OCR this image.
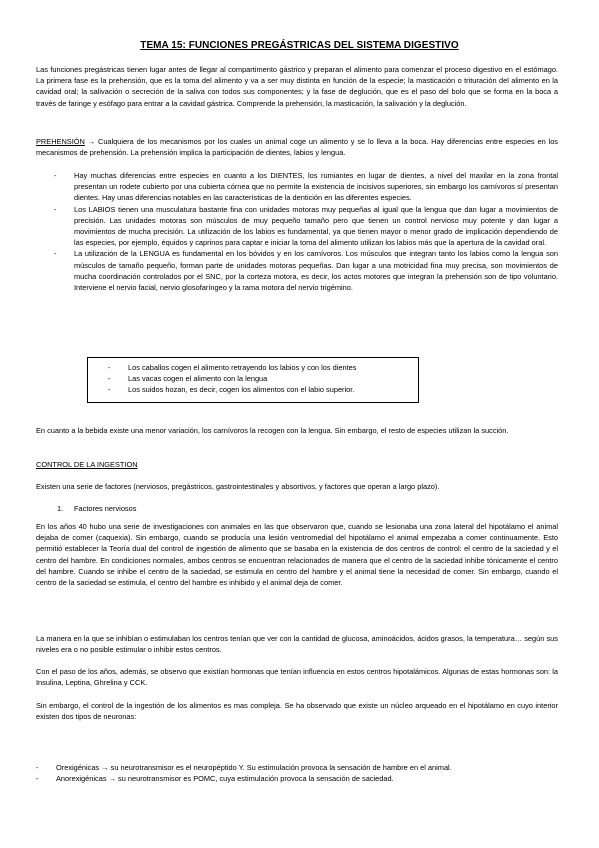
TEMA 15: FUNCIONES PREGÁSTRICAS DEL SISTEMA DIGESTIVO
Las funciones pregástricas tienen lugar antes de llegar al compartimento gástrico y preparan el alimento para comenzar el proceso digestivo en el estómago. La primera fase es la prehensión, que es la toma del alimento y va a ser muy distinta en función de la especie; la masticación o trituración del alimento en la cavidad oral; la salivación o secreción de la saliva con todos sus componentes; y la fase de deglución, que es el paso del bolo que se forma en la boca a través de faringe y esófago para entrar a la cavidad gástrica. Comprende la prehensión, la masticación, la salivación y la deglución.
PREHENSIÓN → Cualquiera de los mecanismos por los cuales un animal coge un alimento y se lo lleva a la boca. Hay diferencias entre especies en los mecanismos de prehensión. La prehensión implica la participación de dientes, labios y lengua.
- Hay muchas diferencias entre especies en cuanto a los DIENTES, los rumiantes en lugar de dientes, a nivel del maxilar en la zona frontal presentan un rodete cubierto por una cubierta córnea que no permite la existencia de incisivos superiores, sin embargo los carnívoros sí presentan dientes. Hay unas diferencias notables en las características de la dentición en las diferentes especies.
- Los LABIOS tienen una musculatura bastante fina con unidades motoras muy pequeñas al igual que la lengua que dan lugar a movimientos de precisión. Las unidades motoras son músculos de muy pequeño tamaño pero que tienen un control nervioso muy potente y dan lugar a movimientos de mucha precisión. La utilización de los labios es fundamental, ya que tienen mayor o menor grado de implicación dependiendo de las especies, por ejemplo, équidos y caprinos para captar e iniciar la toma del alimento utilizan los labios más que la apertura de la cavidad oral.
- La utilización de la LENGUA es fundamental en los bóvidos y en los carnívoros. Los músculos que integran tanto los labios como la lengua son músculos de tamaño pequeño, forman parte de unidades motoras pequeñas. Dan lugar a una motricidad fina muy precisa, son movimientos de mucha coordinación controlados por el SNC, por la corteza motora, es decir, los actos motores que integran la prehensión son de tipo voluntario. Interviene el nervio facial, nervio glosofaríngeo y la rama motora del nervio trigémino.
- Los caballos cogen el alimento retrayendo los labios y con los dientes
- Las vacas cogen el alimento con la lengua
- Los suidos hozan, es decir, cogen los alimentos con el labio superior.
En cuanto a la bebida existe una menor variación, los carnívoros la recogen con la lengua. Sin embargo, el resto de especies utilizan la succión.
CONTROL DE LA INGESTION
Existen una serie de factores (nerviosos, pregástricos, gastrointestinales y absortivos, y factores que operan a largo plazo).
1. Factores nerviosos
En los años 40 hubo una serie de investigaciones con animales en las que observaron que, cuando se lesionaba una zona lateral del hipotálamo el animal dejaba de comer (caquexia). Sin embargo, cuando se producía una lesión ventromedial del hipotálamo el animal empezaba a comer continuamente. Esto permitió establecer la Teoría dual del control de ingestión de alimento que se basaba en la existencia de dos centros de control: el centro de la saciedad y el centro del hambre. En condiciones normales, ambos centros se encuentran relacionados de manera que el centro de la saciedad inhibe tónicamente el centro del hambre. Cuando se inhibe el centro de la saciedad, se estimula en centro del hambre y el animal tiene la necesidad de comer. Sin embargo, cuando el centro de la saciedad se estimula, el centro del hambre es inhibido y el animal deja de comer.
La manera en la que se inhibían o estimulaban los centros tenían que ver con la cantidad de glucosa, aminoácidos, ácidos grasos, la temperatura… según sus niveles era o no posible estimular o inhibir estos centros.
Con el paso de los años, además, se observo que existían hormonas que tenían influencia en estos centros hipotalámicos. Algunas de estas hormonas son: la Insulina, Leptina, Ghrelina y CCK.
Sin embargo, el control de la ingestión de los alimentos es mas compleja. Se ha observado que existe un núcleo arqueado en el hipotálamo en cuyo interior existen dos tipos de neuronas:
- Orexigénicas → su neurotransmisor es el neuropéptido Y. Su estimulación provoca la sensación de hambre en el animal.
- Anorexigénicas → su neurotransmisor es POMC, cuya estimulación provoca la sensación de saciedad.
